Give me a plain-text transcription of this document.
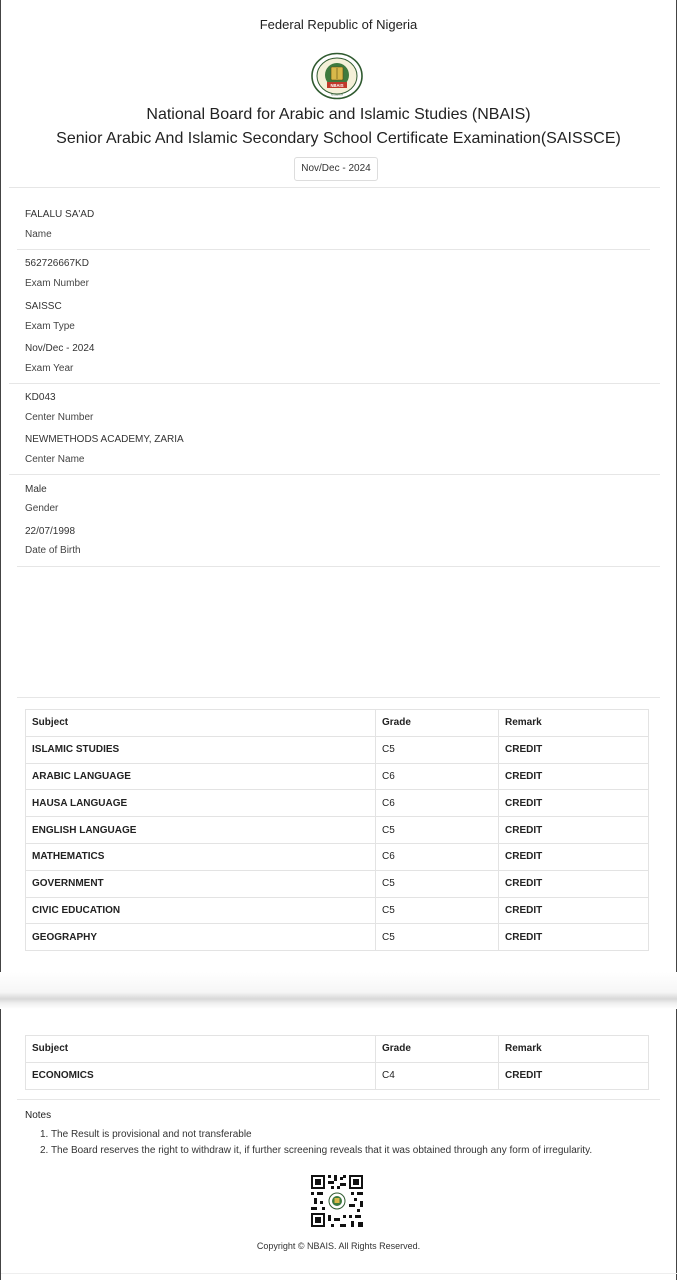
Federal Republic of Nigeria
NBAIS
NIGERIA
National Board for Arabic and Islamic Studies (NBAIS)
Senior Arabic And Islamic Secondary School Certificate Examination(SAISSCE)
Nov/Dec - 2024
FALALU SA'AD
Name
562726667KD
Exam Number
SAISSC
Exam Type
Nov/Dec - 2024
Exam Year
KD043
Center Number
NEWMETHODS ACADEMY, ZARIA
Center Name
Male
Gender
22/07/1998
Date of Birth
Subject	Grade	Remark
ISLAMIC STUDIES	C5	CREDIT
ARABIC LANGUAGE	C6	CREDIT
HAUSA LANGUAGE	C6	CREDIT
ENGLISH LANGUAGE	C5	CREDIT
MATHEMATICS	C6	CREDIT
GOVERNMENT	C5	CREDIT
CIVIC EDUCATION	C5	CREDIT
GEOGRAPHY	C5	CREDIT
Subject	Grade	Remark
ECONOMICS	C4	CREDIT
Notes
1. The Result is provisional and not transferable
2. The Board reserves the right to withdraw it, if further screening reveals that it was obtained through any form of irregularity.
Copyright © NBAIS. All Rights Reserved.
